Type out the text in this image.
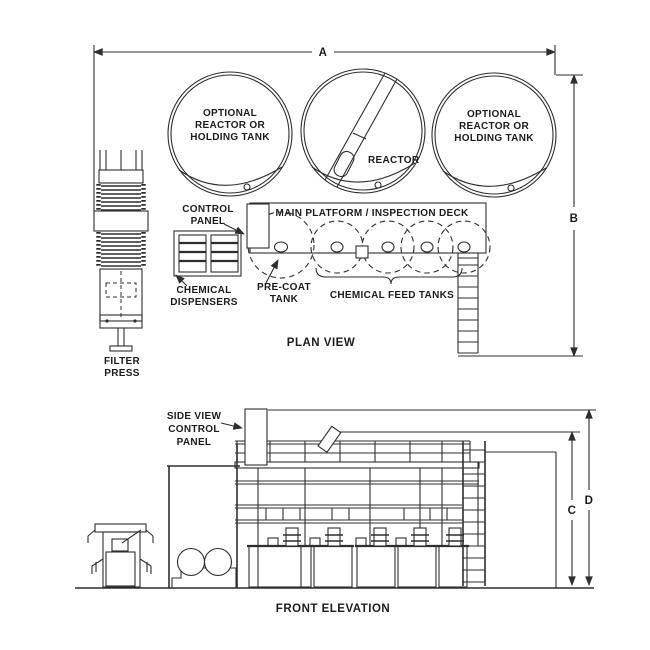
A
B
OPTIONAL
REACTOR OR
HOLDING TANK
REACTOR
OPTIONAL
REACTOR OR
HOLDING TANK
MAIN PLATFORM / INSPECTION DECK
PRE-COAT
TANK	CHEMICAL FEED TANKS
CONTROL
PANEL
CHEMICAL
DISPENSERS
FILTER
PRESS
PLAN VIEW
SIDE VIEW
CONTROL
PANEL
C
D
FRONT ELEVATION
